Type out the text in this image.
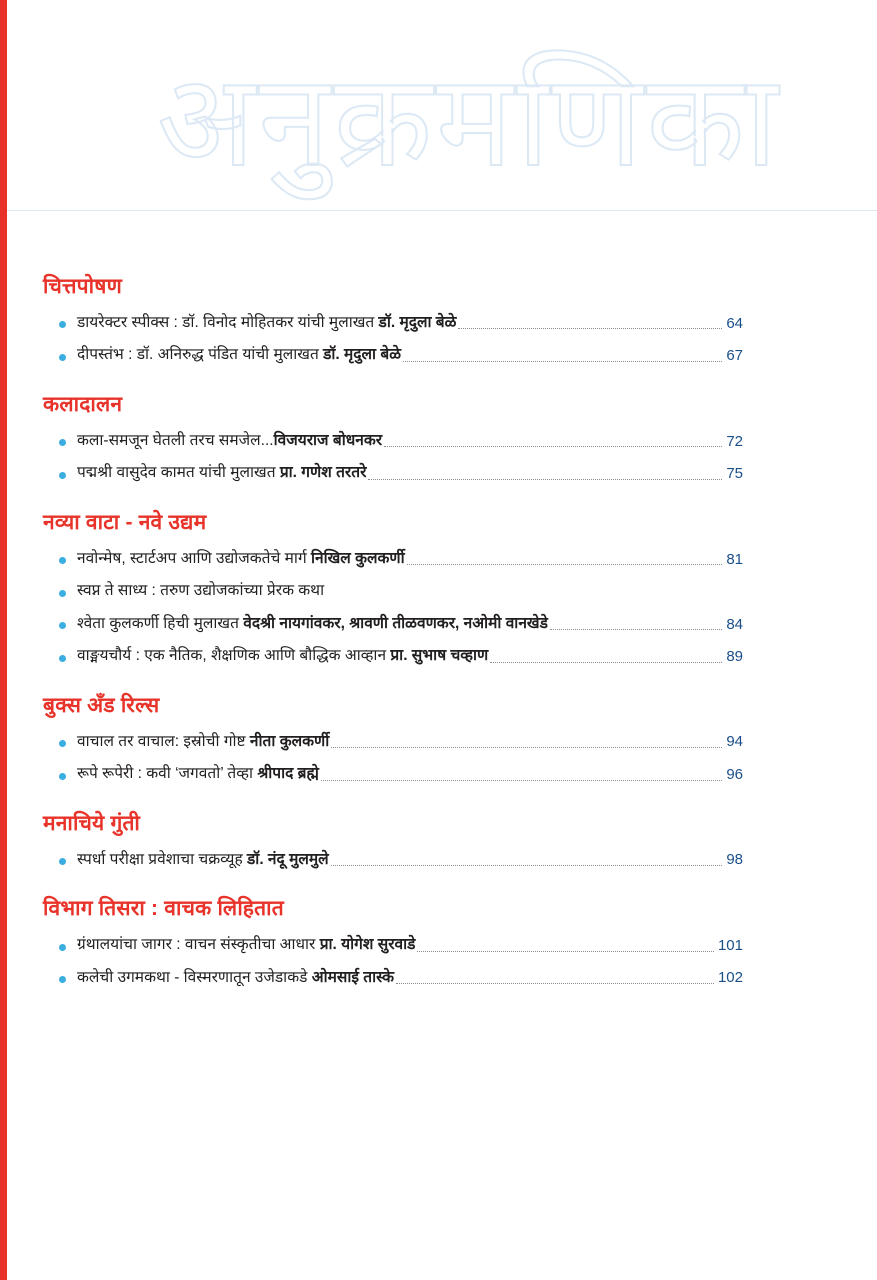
अनुक्रमणिका
चित्तपोषण
डायरेक्टर स्पीक्स : डॉ. विनोद मोहितकर यांची मुलाखत डॉ. मृदुला बेळे	64
दीपस्तंभ : डॉ. अनिरुद्ध पंडित यांची मुलाखत डॉ. मृदुला बेळे	67
कलादालन
कला-समजून घेतली तरच समजेल...विजयराज बोधनकर	72
पद्मश्री वासुदेव कामत यांची मुलाखत प्रा. गणेश तरतरे	75
नव्या वाटा - नवे उद्यम
नवोन्मेष, स्टार्टअप आणि उद्योजकतेचे मार्ग निखिल कुलकर्णी	81
स्वप्न ते साध्य : तरुण उद्योजकांच्या प्रेरक कथा
श्वेता कुलकर्णी हिची मुलाखत वेदश्री नायगांवकर, श्रावणी तीळवणकर, नओमी वानखेडे	84
वाङ्मयचौर्य : एक नैतिक, शैक्षणिक आणि बौद्धिक आव्हान प्रा. सुभाष चव्हाण	89
बुक्स अँड रिल्स
वाचाल तर वाचाल: इस्रोची गोष्ट नीता कुलकर्णी	94
रूपे रूपेरी : कवी ‘जगवतो’ तेव्हा श्रीपाद ब्रह्मे	96
मनाचिये गुंती
स्पर्धा परीक्षा प्रवेशाचा चक्रव्यूह डॉ. नंदू मुलमुले	98
विभाग तिसरा : वाचक लिहितात
ग्रंथालयांचा जागर : वाचन संस्कृतीचा आधार प्रा. योगेश सुरवाडे	101
कलेची उगमकथा - विस्मरणातून उजेडाकडे ओमसाई तास्के	102
